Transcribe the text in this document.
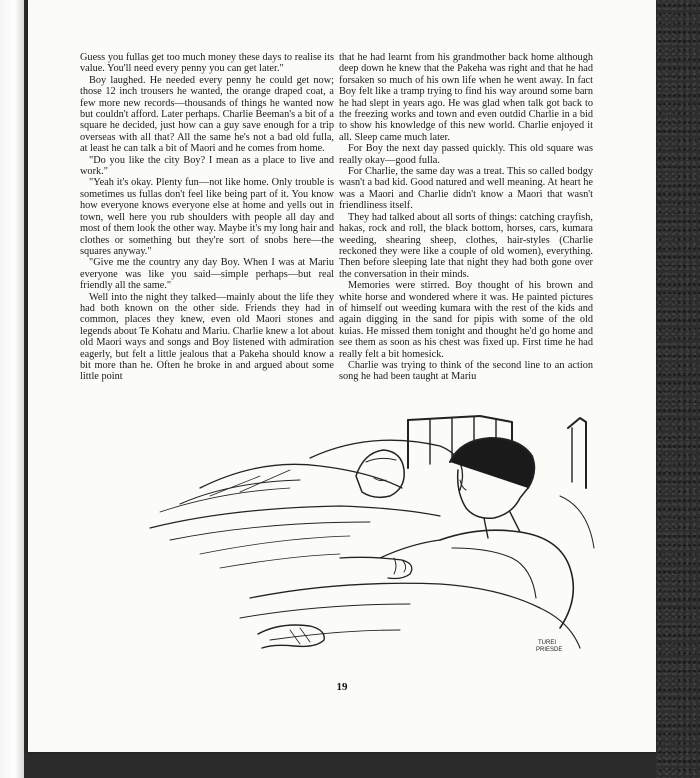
Guess you fullas get too much money these days to realise its value. You'll need every penny you can get later."

Boy laughed. He needed every penny he could get now; those 12 inch trousers he wanted, the orange draped coat, a few more new records—thousands of things he wanted now but couldn't afford. Later perhaps. Charlie Beeman's a bit of a square he decided, just how can a guy save enough for a trip overseas with all that? All the same he's not a bad old fulla, at least he can talk a bit of Maori and he comes from home.

"Do you like the city Boy? I mean as a place to live and work."

"Yeah it's okay. Plenty fun—not like home. Only trouble is sometimes us fullas don't feel like being part of it. You know how everyone knows everyone else at home and yells out in town, well here you rub shoulders with people all day and most of them look the other way. Maybe it's my long hair and clothes or something but they're sort of snobs here—the squares anyway."

"Give me the country any day Boy. When I was at Mariu everyone was like you said—simple perhaps—but real friendly all the same."

Well into the night they talked—mainly about the life they had both known on the other side. Friends they had in common, places they knew, even old Maori stones and legends about Te Kohatu and Mariu. Charlie knew a lot about old Maori ways and songs and Boy listened with admiration eagerly, but felt a little jealous that a Pakeha should know a bit more than he. Often he broke in and argued about some little point

that he had learnt from his grandmother back home although deep down he knew that the Pakeha was right and that he had forsaken so much of his own life when he went away. In fact Boy felt like a tramp trying to find his way around some barn he had slept in years ago. He was glad when talk got back to the freezing works and town and even outdid Charlie in a bid to show his knowledge of this new world. Charlie enjoyed it all. Sleep came much later.

For Boy the next day passed quickly. This old square was really okay—good fulla.

For Charlie, the same day was a treat. This so called bodgy wasn't a bad kid. Good natured and well meaning. At heart he was a Maori and Charlie didn't know a Maori that wasn't friendliness itself.

They had talked about all sorts of things: catching crayfish, hakas, rock and roll, the black bottom, horses, cars, kumara weeding, shearing sheep, clothes, hair-styles (Charlie reckoned they were like a couple of old women), everything. Then before sleeping late that night they had both gone over the conversation in their minds.

Memories were stirred. Boy thought of his brown and white horse and wondered where it was. He painted pictures of himself out weeding kumara with the rest of the kids and again digging in the sand for pipis with some of the old kuias. He missed them tonight and thought he'd go home and see them as soon as his chest was fixed up. First time he had really felt a bit homesick.

Charlie was trying to think of the second line to an action song he had been taught at Mariu

TUREI
PRIESDE
19
